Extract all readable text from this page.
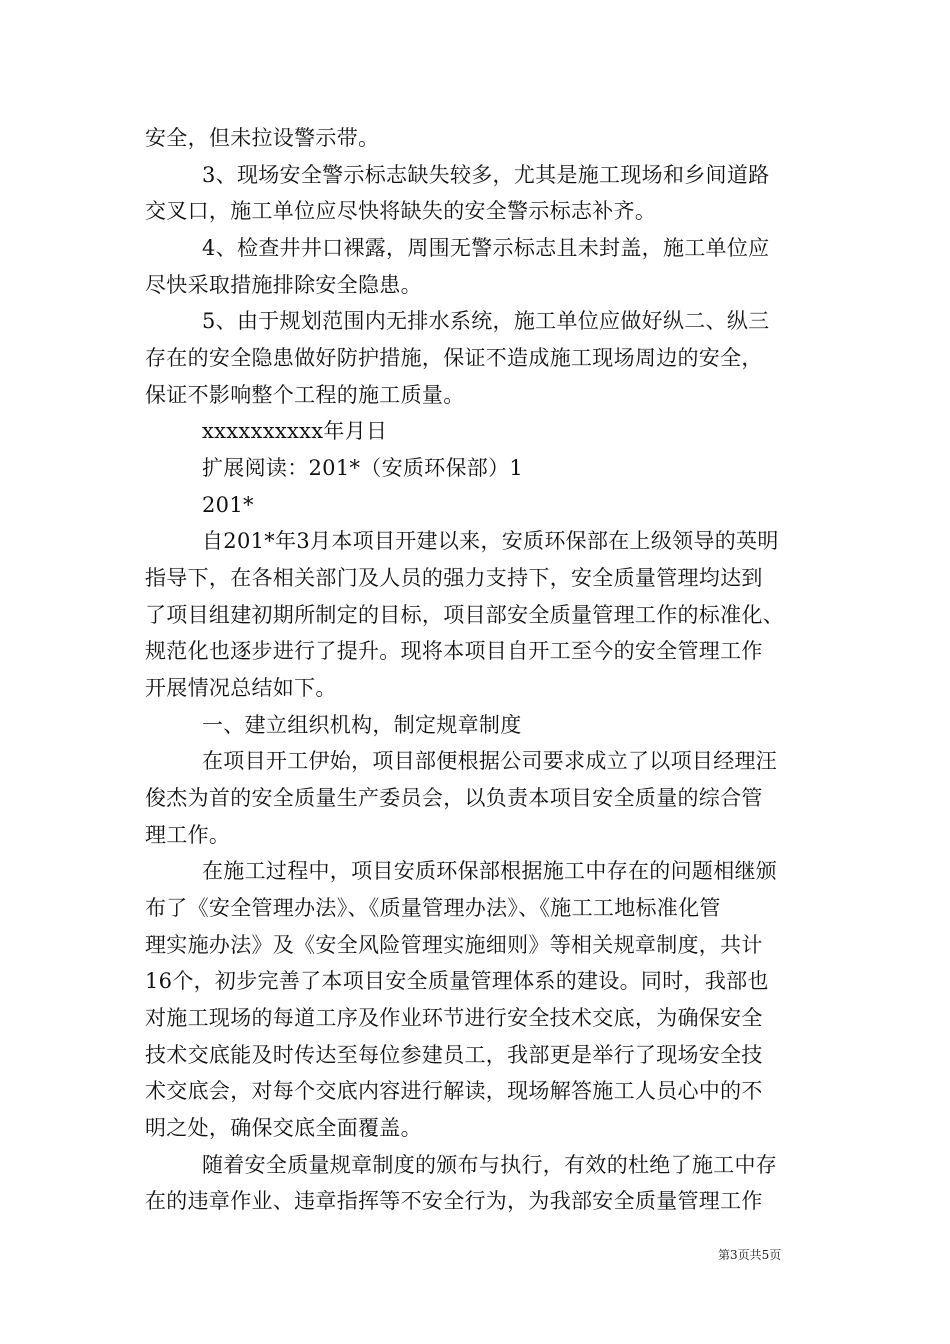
安全，但未拉设警示带。
3、现场安全警示标志缺失较多，尤其是施工现场和乡间道路
交叉口，施工单位应尽快将缺失的安全警示标志补齐。
4、检查井井口裸露，周围无警示标志且未封盖，施工单位应
尽快采取措施排除安全隐患。
5、由于规划范围内无排水系统，施工单位应做好纵二、纵三
存在的安全隐患做好防护措施，保证不造成施工现场周边的安全，
保证不影响整个工程的施工质量。
xxxxxxxxxx年月日
扩展阅读：201*（安质环保部）1
201*
自201*年3月本项目开建以来，安质环保部在上级领导的英明
指导下，在各相关部门及人员的强力支持下，安全质量管理均达到
了项目组建初期所制定的目标，项目部安全质量管理工作的标准化、
规范化也逐步进行了提升。现将本项目自开工至今的安全管理工作
开展情况总结如下。
一、建立组织机构，制定规章制度
在项目开工伊始，项目部便根据公司要求成立了以项目经理汪
俊杰为首的安全质量生产委员会，以负责本项目安全质量的综合管
理工作。
在施工过程中，项目安质环保部根据施工中存在的问题相继颁
布了《安全管理办法》、《质量管理办法》、《施工工地标准化管
理实施办法》及《安全风险管理实施细则》等相关规章制度，共计
16个，初步完善了本项目安全质量管理体系的建设。同时，我部也
对施工现场的每道工序及作业环节进行安全技术交底，为确保安全
技术交底能及时传达至每位参建员工，我部更是举行了现场安全技
术交底会，对每个交底内容进行解读，现场解答施工人员心中的不
明之处，确保交底全面覆盖。
随着安全质量规章制度的颁布与执行，有效的杜绝了施工中存
在的违章作业、违章指挥等不安全行为，为我部安全质量管理工作
第3页共5页
